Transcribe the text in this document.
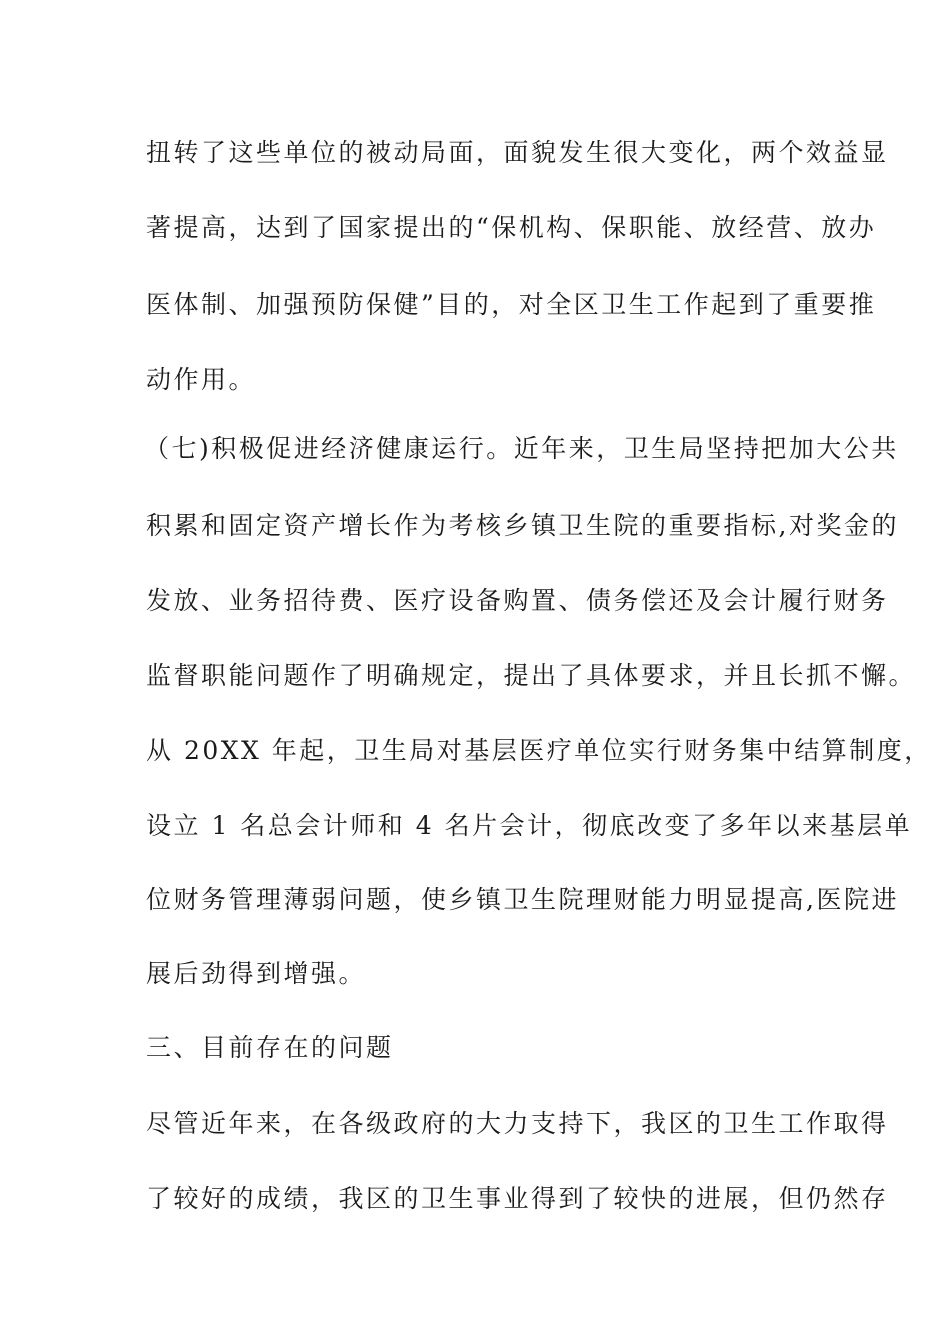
扭转了这些单位的被动局面，面貌发生很大变化，两个效益显

著提高，达到了国家提出的“保机构、保职能、放经营、放办

医体制、加强预防保健”目的，对全区卫生工作起到了重要推

动作用。

（七)积极促进经济健康运行。近年来，卫生局坚持把加大公共

积累和固定资产增长作为考核乡镇卫生院的重要指标,对奖金的

发放、业务招待费、医疗设备购置、债务偿还及会计履行财务

监督职能问题作了明确规定，提出了具体要求，并且长抓不懈。

从 20XX 年起，卫生局对基层医疗单位实行财务集中结算制度，

设立 1 名总会计师和 4 名片会计，彻底改变了多年以来基层单

位财务管理薄弱问题，使乡镇卫生院理财能力明显提高,医院进

展后劲得到增强。

三、目前存在的问题

尽管近年来，在各级政府的大力支持下，我区的卫生工作取得

了较好的成绩，我区的卫生事业得到了较快的进展，但仍然存
